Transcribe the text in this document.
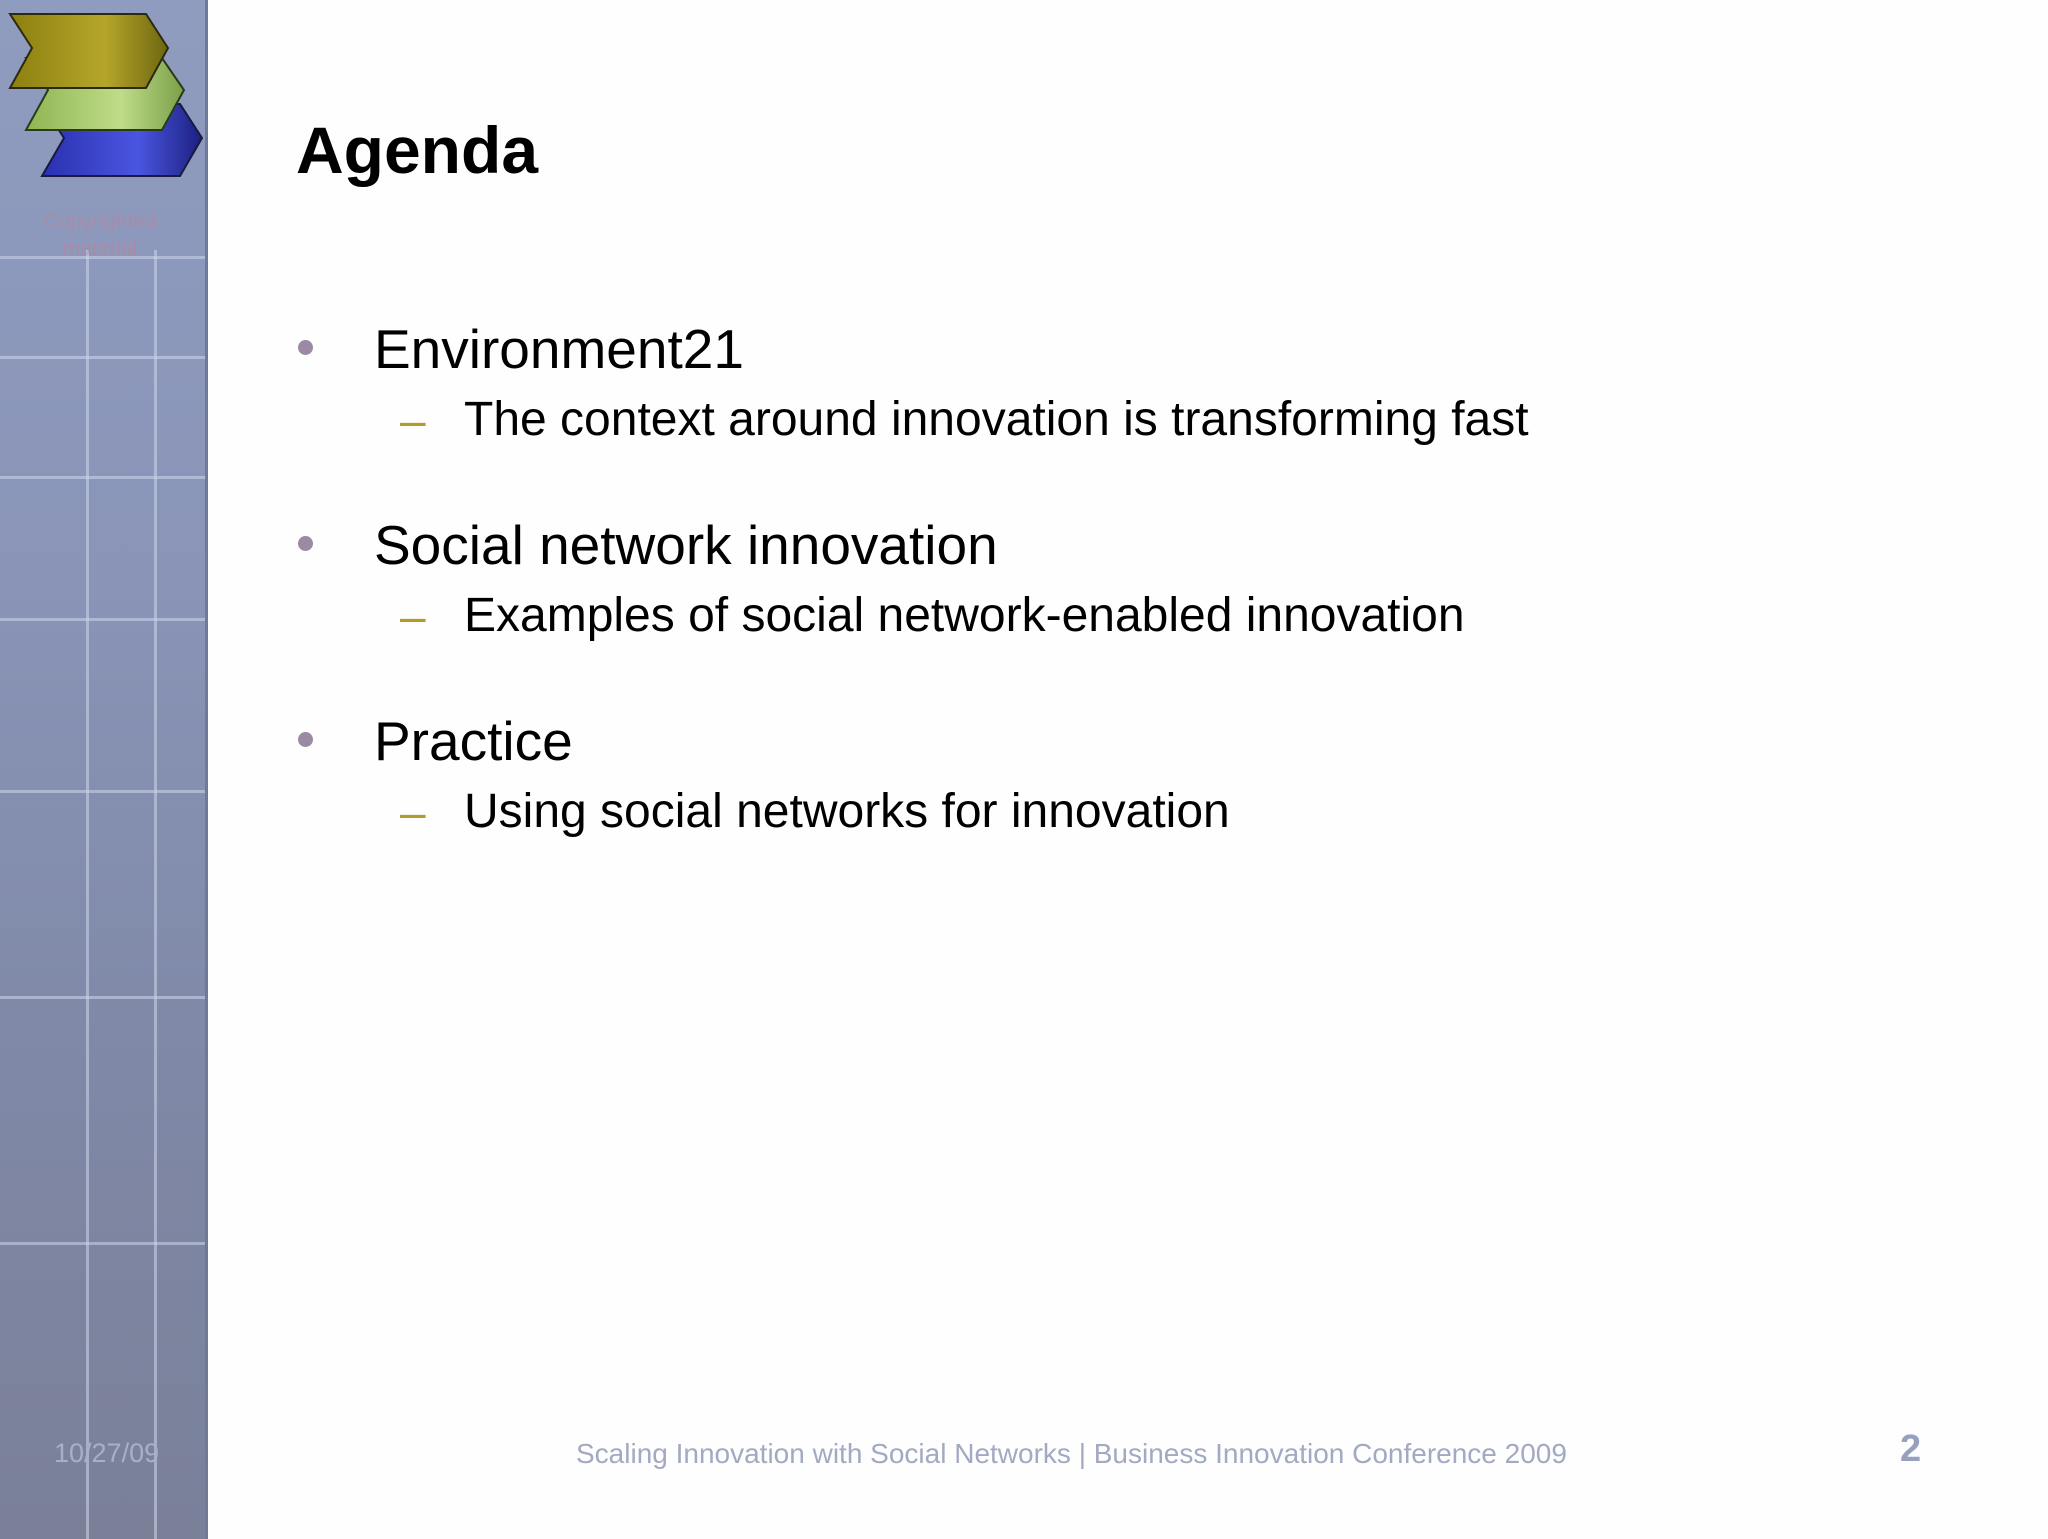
Copyrighted material
Agenda
Environment21
– The context around innovation is transforming fast
Social network innovation
– Examples of social network-enabled innovation
Practice
– Using social networks for innovation
10/27/09	Scaling Innovation with Social Networks | Business Innovation Conference 2009	2
